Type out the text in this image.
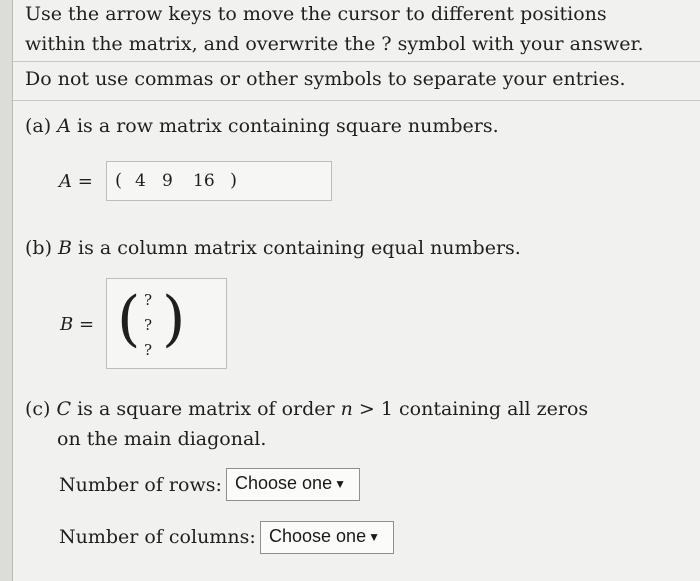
Use the arrow keys to move the cursor to different positions
within the matrix, and overwrite the ? symbol with your answer.
Do not use commas or other symbols to separate your entries.
(a) A is a row matrix containing square numbers.
A = ( 4 9 16 )
(b) B is a column matrix containing equal numbers.
B = ( ?
?
? )
(c) C is a square matrix of order n > 1 containing all zeros
on the main diagonal.
Number of rows: Choose one ▼
Number of columns: Choose one ▼
